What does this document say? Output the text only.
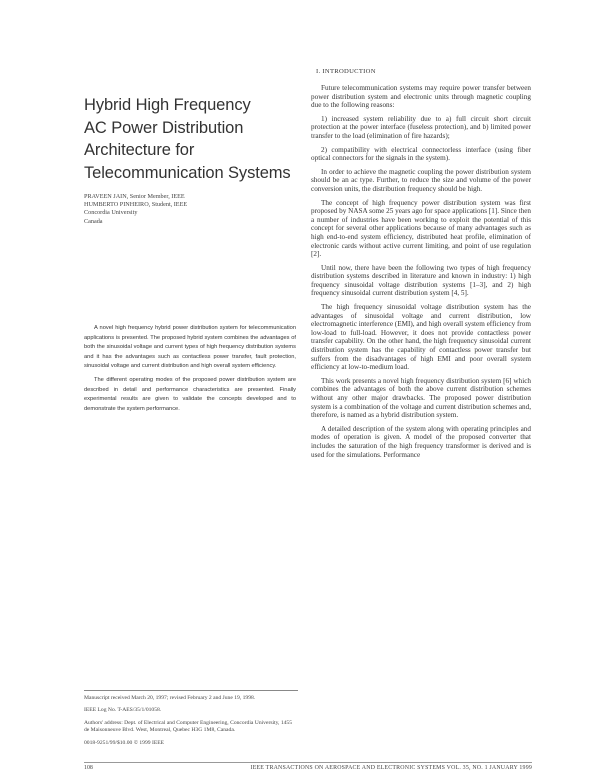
Hybrid High Frequency
AC Power Distribution
Architecture for
Telecommunication Systems
PRAVEEN JAIN, Senior Member, IEEE
HUMBERTO PINHEIRO, Student, IEEE
Concordia University
Canada

A novel high frequency hybrid power distribution system for telecommunication applications is presented. The proposed hybrid system combines the advantages of both the sinusoidal voltage and current types of high frequency distribution systems and it has the advantages such as contactless power transfer, fault protection, sinusoidal voltage and current distribution and high overall system efficiency.

The different operating modes of the proposed power distribution system are described in detail and performance characteristics are presented. Finally experimental results are given to validate the concepts developed and to demonstrate the system performance.

Manuscript received March 20, 1997; revised February 2 and June 19, 1998.

IEEE Log No. T-AES/35/1/01058.

Authors' address: Dept. of Electrical and Computer Engineering, Concordia University, 1455 de Maisonneuve Blvd. West, Montreal, Quebec H3G 1M8, Canada.

0018-9251/99/$10.00 © 1999 IEEE

I. INTRODUCTION

Future telecommunication systems may require power transfer between power distribution system and electronic units through magnetic coupling due to the following reasons:

1) increased system reliability due to a) full circuit short circuit protection at the power interface (fuseless protection), and b) limited power transfer to the load (elimination of fire hazards);

2) compatibility with electrical connectorless interface (using fiber optical connectors for the signals in the system).

In order to achieve the magnetic coupling the power distribution system should be an ac type. Further, to reduce the size and volume of the power conversion units, the distribution frequency should be high.

The concept of high frequency power distribution system was first proposed by NASA some 25 years ago for space applications [1]. Since then a number of industries have been working to exploit the potential of this concept for several other applications because of many advantages such as high end-to-end system efficiency, distributed heat profile, elimination of electronic cards without active current limiting, and point of use regulation [2].

Until now, there have been the following two types of high frequency distribution systems described in literature and known in industry: 1) high frequency sinusoidal voltage distribution systems [1–3], and 2) high frequency sinusoidal current distribution system [4, 5].

The high frequency sinusoidal voltage distribution system has the advantages of sinusoidal voltage and current distribution, low electromagnetic interference (EMI), and high overall system efficiency from low-load to full-load. However, it does not provide contactless power transfer capability. On the other hand, the high frequency sinusoidal current distribution system has the capability of contactless power transfer but suffers from the disadvantages of high EMI and poor overall system efficiency at low-to-medium load.

This work presents a novel high frequency distribution system [6] which combines the advantages of both the above current distribution schemes without any other major drawbacks. The proposed power distribution system is a combination of the voltage and current distribution schemes and, therefore, is named as a hybrid distribution system.

A detailed description of the system along with operating principles and modes of operation is given. A model of the proposed converter that includes the saturation of the high frequency transformer is derived and is used for the simulations. Performance

108	IEEE TRANSACTIONS ON AEROSPACE AND ELECTRONIC SYSTEMS VOL. 35, NO. 1 JANUARY 1999
